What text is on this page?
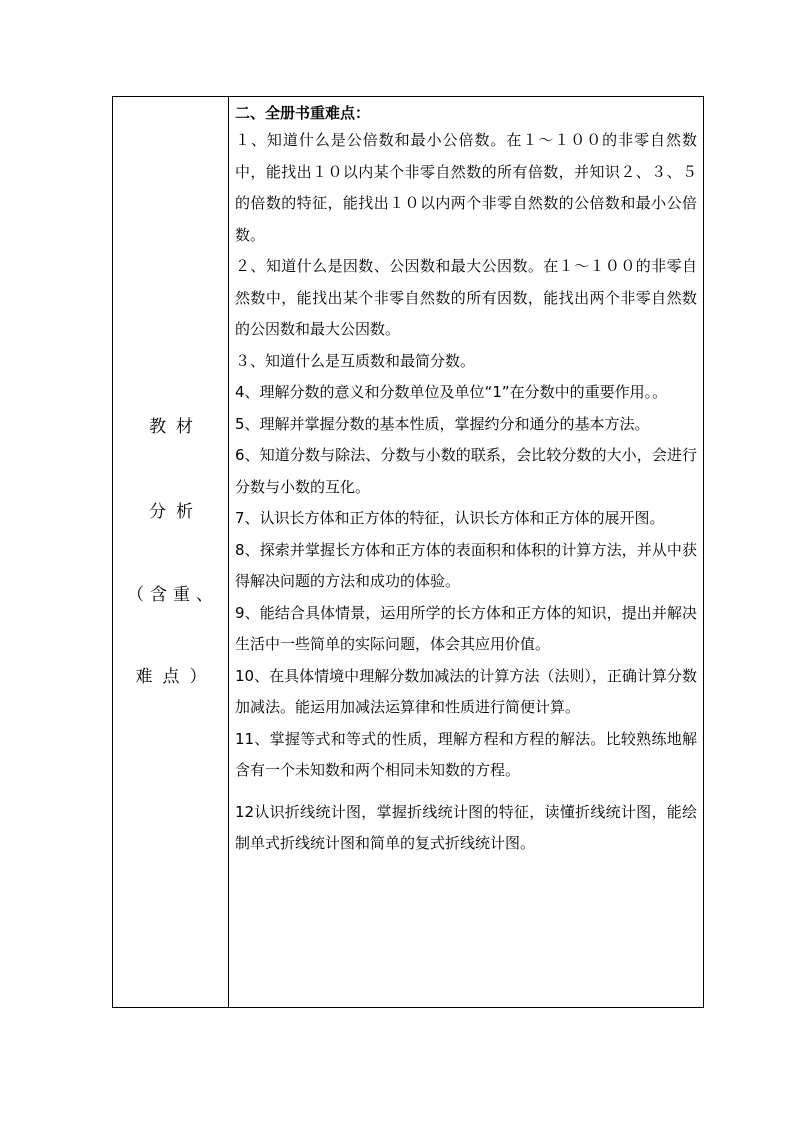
教材
分析
（含重、
难点）

二、全册书重难点：

１、知道什么是公倍数和最小公倍数。在１～１００的非零自然数中，能找出１０以内某个非零自然数的所有倍数，并知识２、３、５的倍数的特征，能找出１０以内两个非零自然数的公倍数和最小公倍数。

２、知道什么是因数、公因数和最大公因数。在１～１００的非零自然数中，能找出某个非零自然数的所有因数，能找出两个非零自然数的公因数和最大公因数。

３、知道什么是互质数和最简分数。

4、理解分数的意义和分数单位及单位“1”在分数中的重要作用。。

5、理解并掌握分数的基本性质，掌握约分和通分的基本方法。

6、知道分数与除法、分数与小数的联系，会比较分数的大小，会进行分数与小数的互化。

7、认识长方体和正方体的特征，认识长方体和正方体的展开图。

8、探索并掌握长方体和正方体的表面积和体积的计算方法，并从中获得解决问题的方法和成功的体验。

9、能结合具体情景，运用所学的长方体和正方体的知识，提出并解决生活中一些简单的实际问题，体会其应用价值。

10、在具体情境中理解分数加减法的计算方法（法则），正确计算分数加减法。能运用加减法运算律和性质进行简便计算。

11、掌握等式和等式的性质，理解方程和方程的解法。比较熟练地解含有一个未知数和两个相同未知数的方程。

12认识折线统计图，掌握折线统计图的特征，读懂折线统计图，能绘制单式折线统计图和简单的复式折线统计图。
